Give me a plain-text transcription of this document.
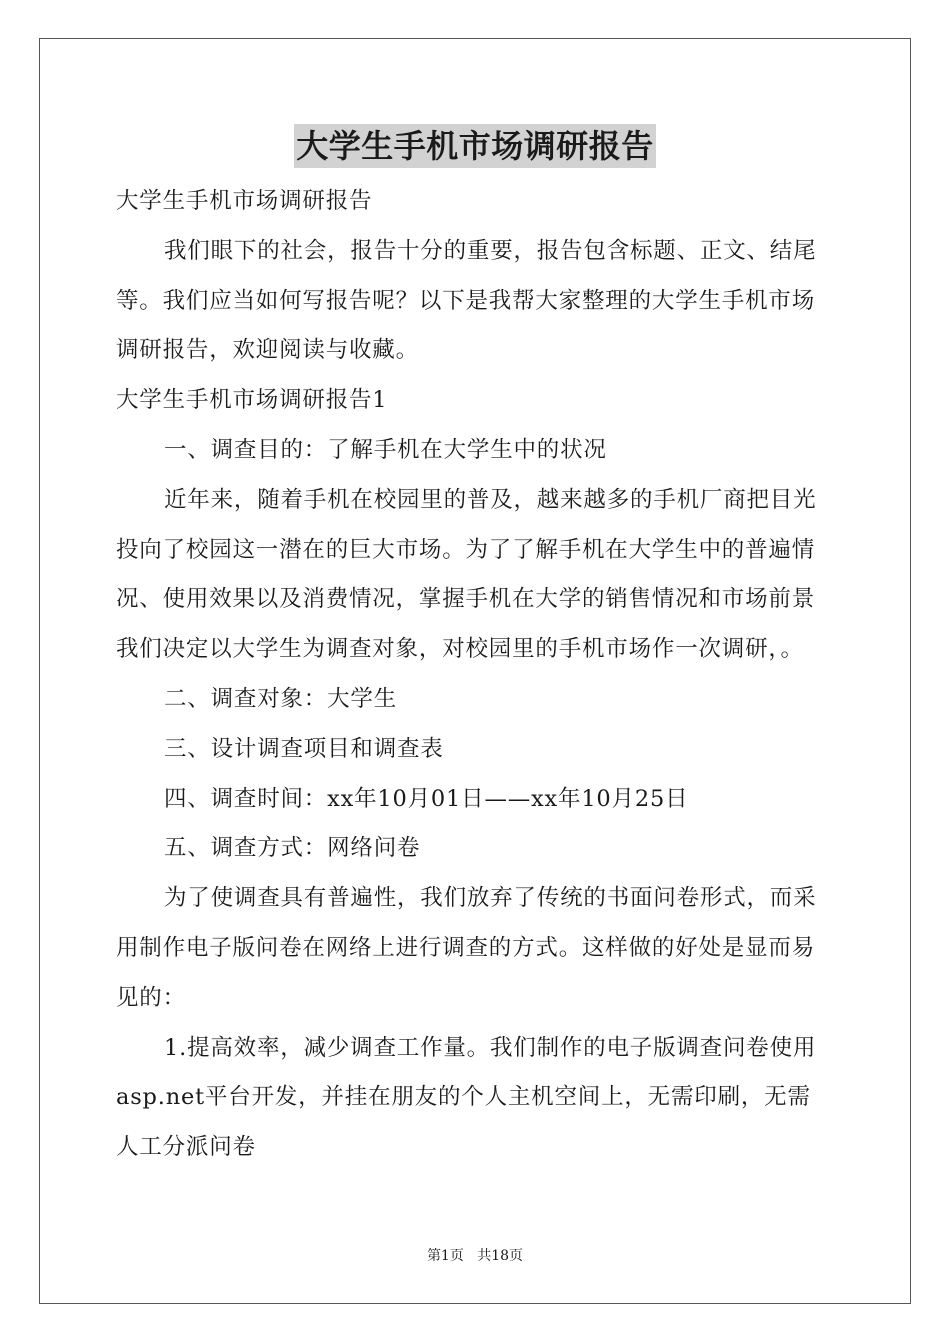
大学生手机市场调研报告
大学生手机市场调研报告
我们眼下的社会，报告十分的重要，报告包含标题、正文、结尾
等。我们应当如何写报告呢？以下是我帮大家整理的大学生手机市场
调研报告，欢迎阅读与收藏。
大学生手机市场调研报告1
一、调查目的：了解手机在大学生中的状况
近年来，随着手机在校园里的普及，越来越多的手机厂商把目光
投向了校园这一潜在的巨大市场。为了了解手机在大学生中的普遍情
况、使用效果以及消费情况，掌握手机在大学的销售情况和市场前景
我们决定以大学生为调查对象，对校园里的手机市场作一次调研，。
二、调查对象：大学生
三、设计调查项目和调查表
四、调查时间：xx年10月01日——xx年10月25日
五、调查方式：网络问卷
为了使调查具有普遍性，我们放弃了传统的书面问卷形式，而采
用制作电子版问卷在网络上进行调查的方式。这样做的好处是显而易
见的：
1.提高效率，减少调查工作量。我们制作的电子版调查问卷使用
asp.net平台开发，并挂在朋友的个人主机空间上，无需印刷，无需
人工分派问卷
第1页 共18页
